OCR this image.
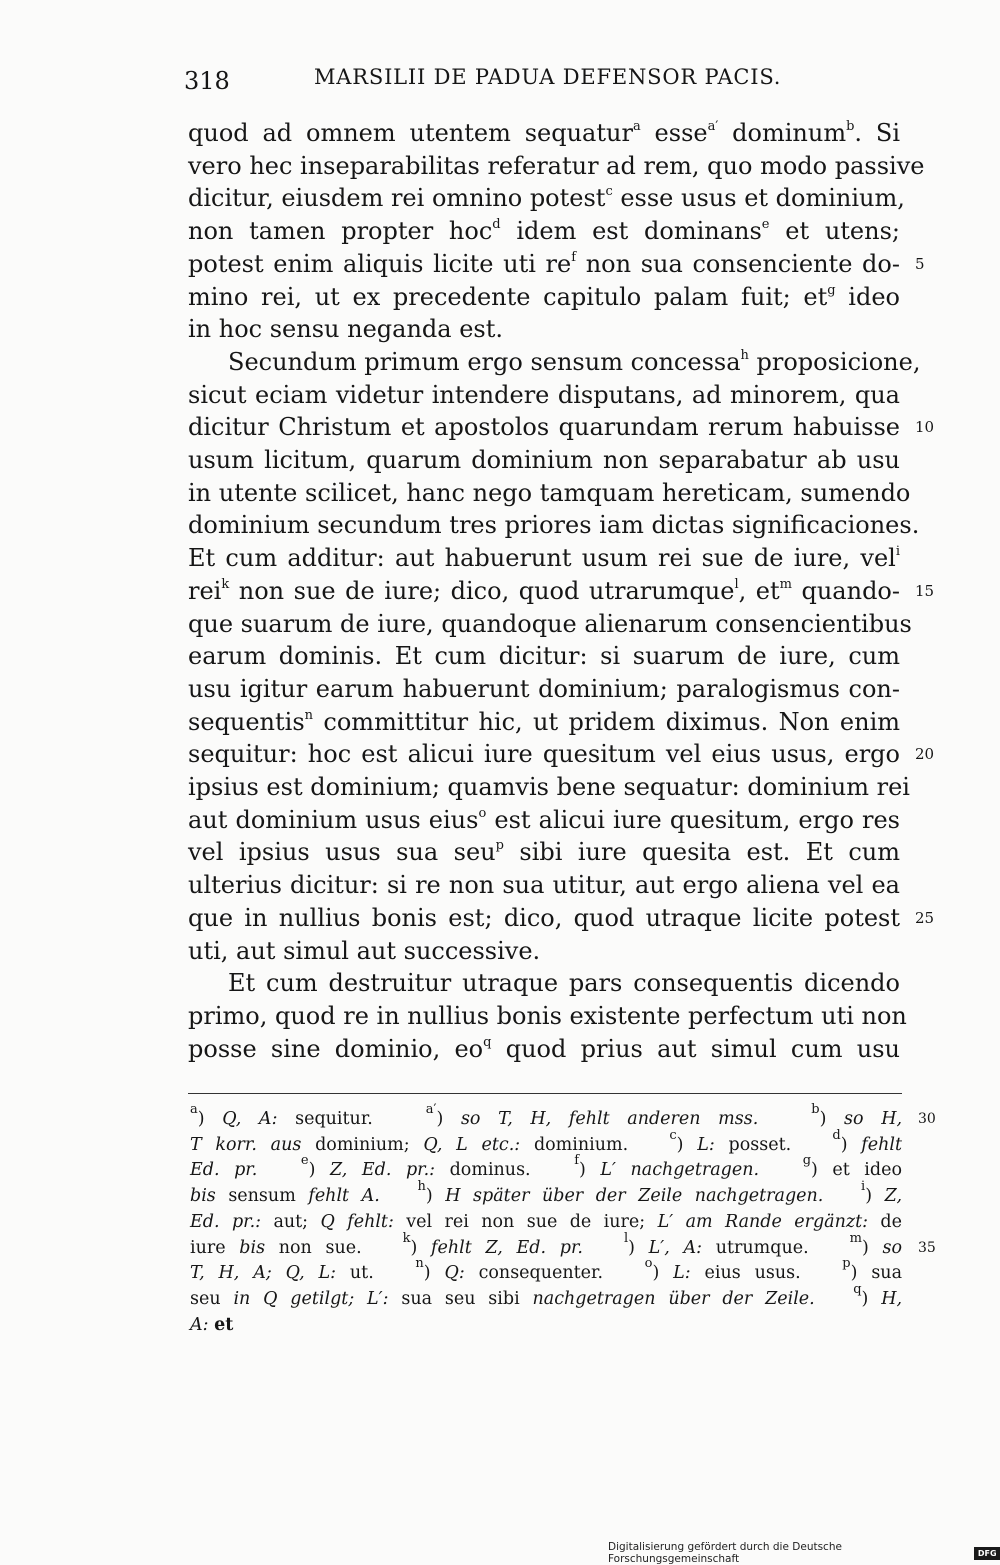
318	MARSILII DE PADUA DEFENSOR PACIS.
quod ad omnem utentem sequatur$^a$ esse$^{a'}$ dominum$^b$. Si
vero hec inseparabilitas referatur ad rem, quo modo passive
dicitur, eiusdem rei omnino potest$^c$ esse usus et dominium,
non tamen propter hoc$^d$ idem est dominans$^e$ et utens;
potest enim aliquis licite uti $re^f$ non sua consenciente do-
mino rei, ut ex precedente capitulo palam fuit; $et^g$ ideo
in hoc sensu neganda est.
Secundum primum ergo sensum concessa$^h$ proposicione,
sicut eciam videtur intendere disputans, ad minorem, qua
dicitur Christum et apostolos quarundam rerum habuisse
usum licitum, quarum dominium non separabatur ab usu
in utente scilicet, hanc nego tamquam hereticam, sumendo
dominium secundum tres priores iam dictas significaciones.
Et cum additur: aut habuerunt usum rei sue de iure, vel$^i$
rei$^k$ non sue de iure; dico, quod utrarumque$^l$, $et^m$ quando-
que suarum de iure, quandoque alienarum consencientibus
earum dominis. Et cum dicitur: si suarum de iure, cum
usu igitur earum habuerunt dominium; paralogismus con-
sequentis$^n$ committitur hic, ut pridem diximus. Non enim
sequitur: hoc est alicui iure quesitum vel eius usus, ergo
ipsius est dominium; quamvis bene sequatur: dominium rei
aut dominium usus eius$^o$ est alicui iure quesitum, ergo res
vel ipsius usus sua seu$^p$ sibi iure quesita est. Et cum
ulterius dicitur: si re non sua utitur, aut ergo aliena vel ea
que in nullius bonis est; dico, quod utraque licite potest
uti, aut simul aut successive.
Et cum destruitur utraque pars consequentis dicendo
primo, quod re in nullius bonis existente perfectum uti non
posse sine dominio, $eo^q$ quod prius aut simul cum usu
5
10
15
20
25
$^a$) Q, A: sequitur.   $^{a'}$) so T, H, fehlt anderen mss.	$^b$) so H,
T korr. aus dominium; Q, L etc.: dominium.   $^c$) L: posset.   $^d$) fehlt
Ed. pr.	$^e$) Z, Ed. pr.: dominus.   $^f$) L′ nachgetragen.	$^g$) et ideo
bis sensum fehlt A.	$^h$) H später über der Zeile nachgetragen.	$^i$) Z,
Ed. pr.: aut; Q fehlt: vel rei non sue de iure; L′ am Rande ergänzt: de
iure bis non sue.   $^k$) fehlt Z, Ed. pr.	$^l$) L′, A: utrumque.   $^m$) so
T, H, A; Q, L: ut.   $^n$) Q: consequenter.   $^o$) L: eius usus.   $^p$) sua
seu in Q getilgt; L′: sua seu sibi nachgetragen über der Zeile.	$^q$) H,
A: et
30
35
Digitalisierung gefördert durch die Deutsche Forschungsgemeinschaft	DFG
